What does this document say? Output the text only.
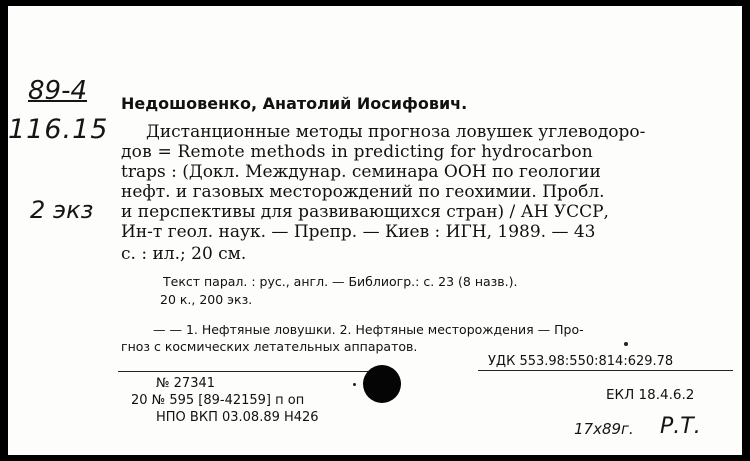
89-4
116.15
2 экз
Недошовенко, Анатолий Иосифович.
Дистанционные методы прогноза ловушек углеводоро-
дов = Remote methods in predicting for hydrocarbon
traps : (Докл. Междунар. семинара ООН по геологии
нефт. и газовых месторождений по геохимии. Пробл.
и перспективы для развивающихся стран) / АН УССР,
Ин-т геол. наук. — Препр. — Киев : ИГН, 1989. — 43
с. : ил.; 20 см.
Текст парал. : рус., англ. — Библиогр.: с. 23 (8 назв.).
20 к., 200 экз.
— — 1. Нефтяные ловушки. 2. Нефтяные месторождения — Про-
гноз с космических летательных аппаратов.
УДК 553.98:550:814:629.78
№ 27341
20 № 595 [89-42159] п оп
НПО ВКП 03.08.89 Н426
ЕКЛ 18.4.6.2
17х89г. Р.Т.
